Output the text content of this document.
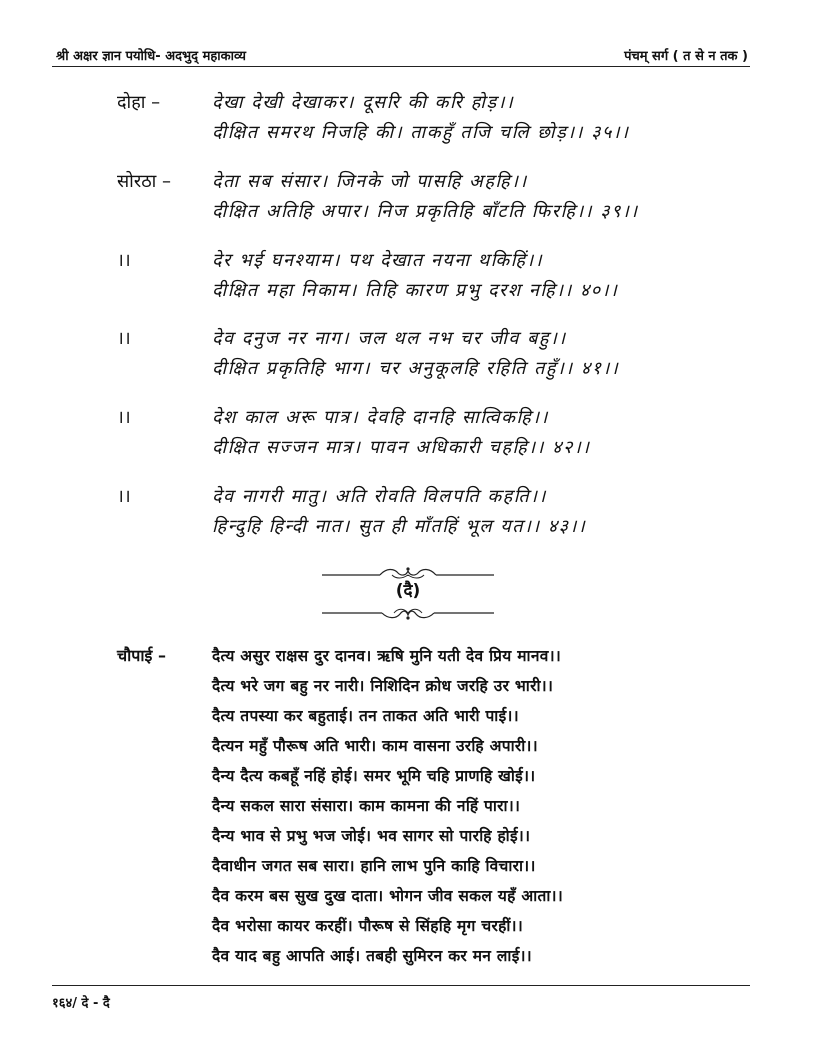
श्री अक्षर ज्ञान पयोधि- अदभुद् महाकाव्य	पंचम् सर्ग ( त से न तक )
दोहा –	देखा देखी देखाकर। दूसरि की करि होड़।।
दीक्षित समरथ निजहि की। ताकहुँ तजि चलि छोड़।। ३५।।
सोरठा – देता सब संसार। जिनके जो पासहि अहहि।।
दीक्षित अतिहि अपार। निज प्रकृतिहि बाँटति फिरहि।। ३९।।
।।	देर भई घनश्याम। पथ देखात नयना थकिहिं।।
दीक्षित महा निकाम। तिहि कारण प्रभु दरश नहि।। ४०।।
।।	देव दनुज नर नाग। जल थल नभ चर जीव बहु।।
दीक्षित प्रकृतिहि भाग। चर अनुकूलहि रहिति तहुँ।। ४१।।
।।	देश काल अरू पात्र। देवहि दानहि सात्विकहि।।
दीक्षित सज्जन मात्र। पावन अधिकारी चहहि।। ४२।।
।।	देव नागरी मातु। अति रोवति विलपति कहति।।
हिन्दुहि हिन्दी नात। सुत ही माँतहिं भूल यत।। ४३।।
(दै)
चौपाई –	दैत्य असुर राक्षस दुर दानव। ऋषि मुनि यती देव प्रिय मानव।।
दैत्य भरे जग बहु नर नारी। निशिदिन क्रोध जरहि उर भारी।।
दैत्य तपस्या कर बहुताई। तन ताकत अति भारी पाई।।
दैत्यन महुँ पौरूष अति भारी। काम वासना उरहि अपारी।।
दैन्य दैत्य कबहूँ नहिं होई। समर भूमि चहि प्राणहि खोई।।
दैन्य सकल सारा संसारा। काम कामना की नहिं पारा।।
दैन्य भाव से प्रभु भज जोई। भव सागर सो पारहि होई।।
दैवाधीन जगत सब सारा। हानि लाभ पुनि काहि विचारा।।
दैव करम बस सुख दुख दाता। भोगन जीव सकल यहँ आता।।
दैव भरोसा कायर करहीं। पौरूष से सिंहहि मृग चरहीं।।
दैव याद बहु आपति आई। तबही सुमिरन कर मन लाई।।
१६४/ दे - दै
